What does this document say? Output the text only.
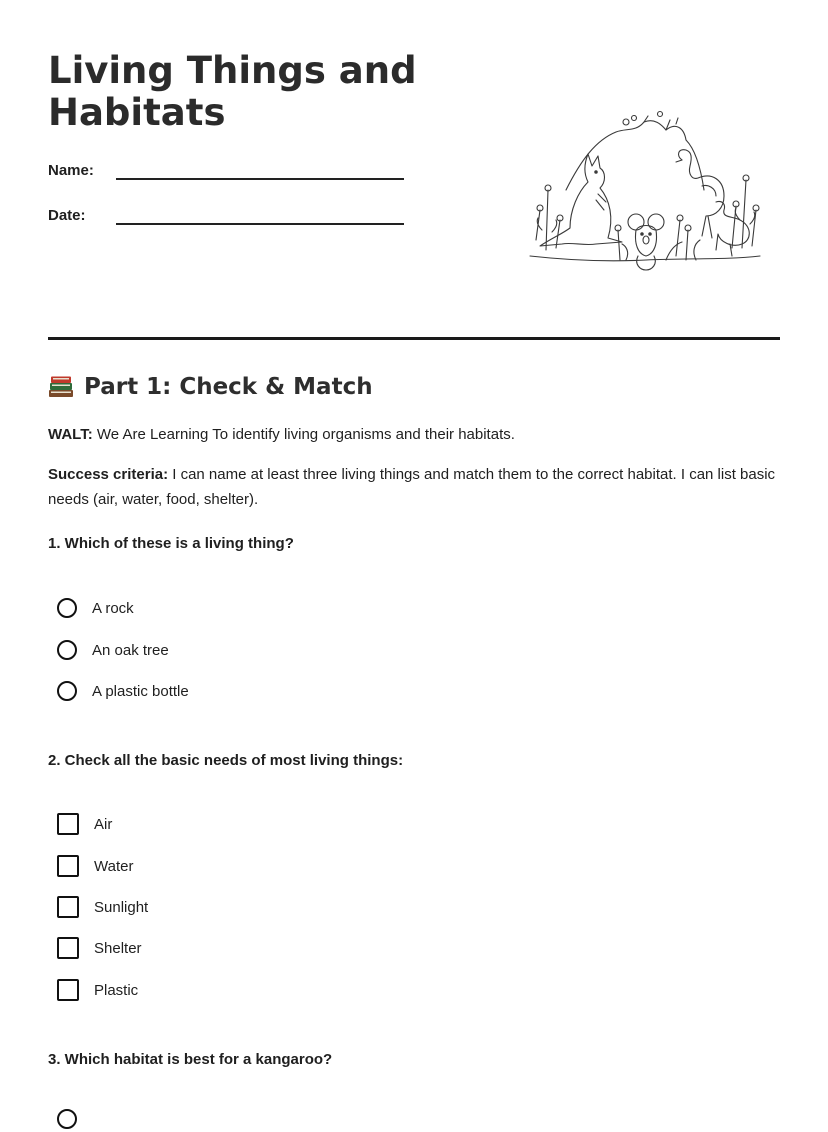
Living Things and
Habitats
Name:
Date:
Part 1: Check & Match

WALT: We Are Learning To identify living organisms and their habitats.

Success criteria: I can name at least three living things and match them to the correct habitat. I can list basic needs (air, water, food, shelter).

1. Which of these is a living thing?

A rock
An oak tree
A plastic bottle

2. Check all the basic needs of most living things:

Air
Water
Sunlight
Shelter
Plastic

3. Which habitat is best for a kangaroo?
